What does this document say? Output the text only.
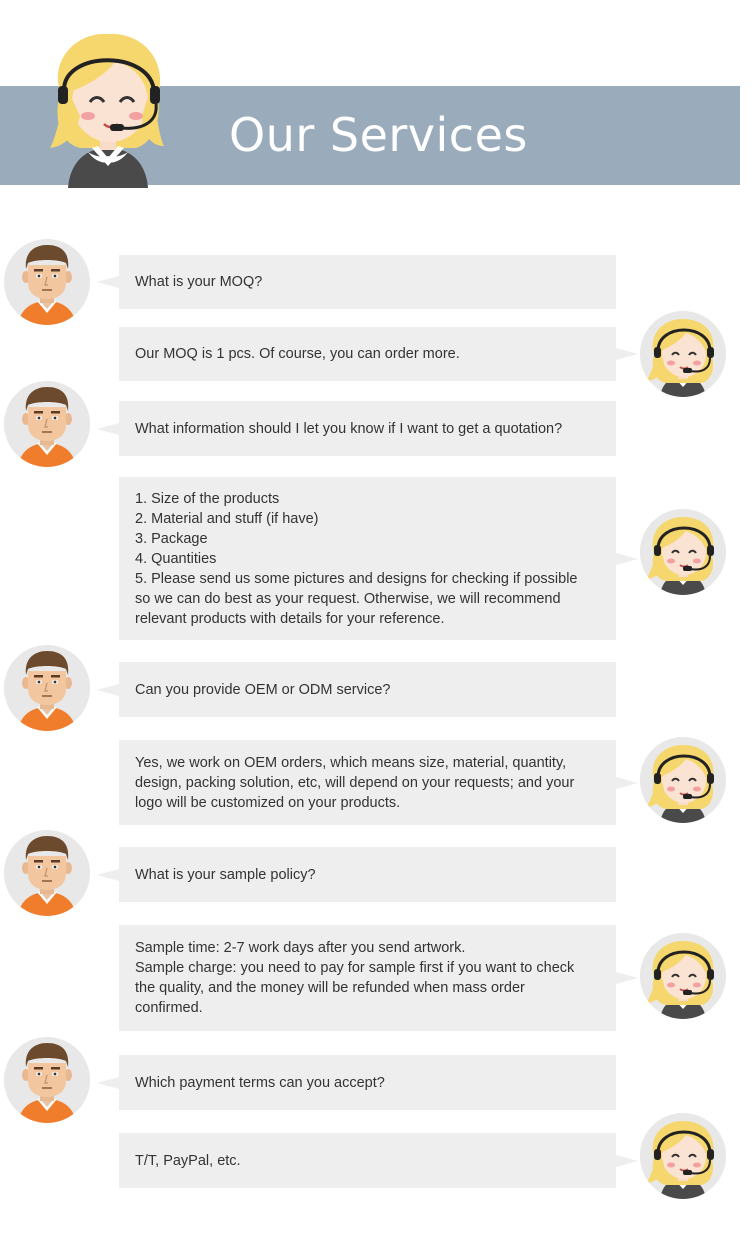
Our Services
What is your MOQ?
Our MOQ is 1 pcs. Of course, you can order more.
What information should I let you know if I want to get a quotation?
1. Size of the products
2. Material and stuff (if have)
3. Package
4. Quantities
5. Please send us some pictures and designs for checking if possible
so we can do best as your request. Otherwise, we will recommend
relevant products with details for your reference.
Can you provide OEM or ODM service?
Yes, we work on OEM orders, which means size, material, quantity,
design, packing solution, etc, will depend on your requests; and your
logo will be customized on your products.
What is your sample policy?
Sample time: 2-7 work days after you send artwork.
Sample charge: you need to pay for sample first if you want to check
the quality, and the money will be refunded when mass order
confirmed.
Which payment terms can you accept?
T/T, PayPal, etc.
